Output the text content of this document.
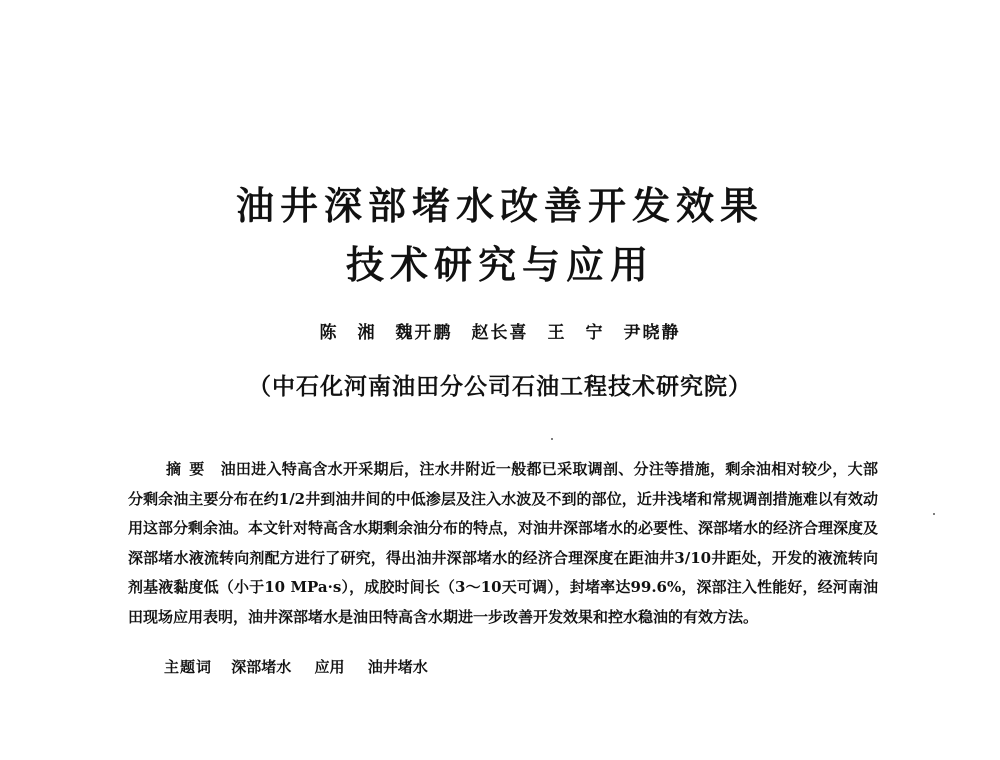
油井深部堵水改善开发效果
技术研究与应用
陈　湘　魏开鹏　赵长喜　王　宁　尹晓静
（中石化河南油田分公司石油工程技术研究院）

摘要 油田进入特高含水开采期后，注水井附近一般都已采取调剖、分注等措施，剩余油相对较少，大部分剩余油主要分布在约1/2井到油井间的中低渗层及注入水波及不到的部位，近井浅堵和常规调剖措施难以有效动用这部分剩余油。本文针对特高含水期剩余油分布的特点，对油井深部堵水的必要性、深部堵水的经济合理深度及深部堵水液流转向剂配方进行了研究，得出油井深部堵水的经济合理深度在距油井3/10井距处，开发的液流转向剂基液黏度低（小于10 MPa·s），成胶时间长（3～10天可调），封堵率达99.6%，深部注入性能好，经河南油田现场应用表明，油井深部堵水是油田特高含水期进一步改善开发效果和控水稳油的有效方法。

主题词 深部堵水 应用 油井堵水
